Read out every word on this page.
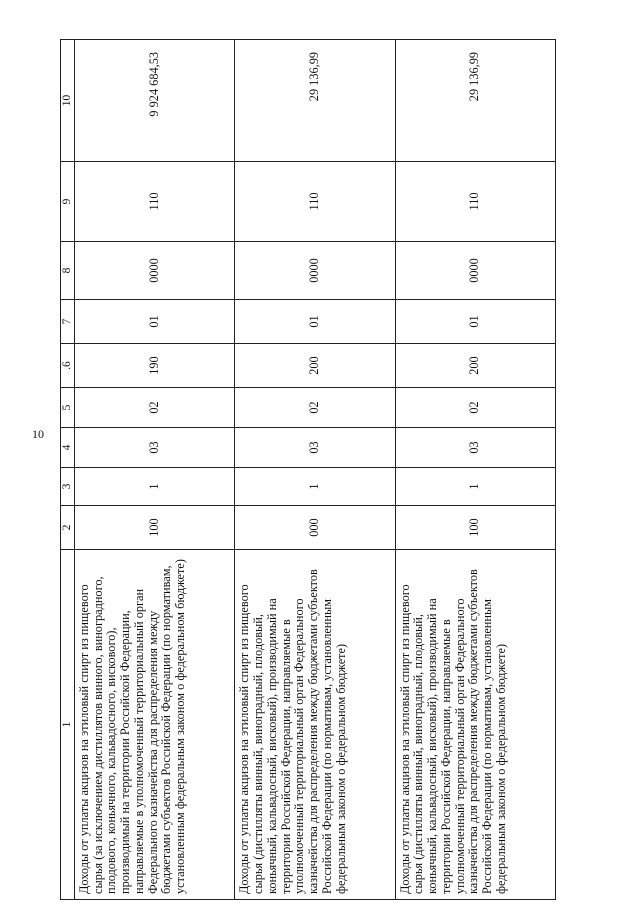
10
1	2	3	4	5	.6	7	8	9	10
Доходы от уплаты акцизов на этиловый спирт из пищевого сырья (за исключением дистиллятов винного, виноградного, плодового, коньячного, кальвадосного, вискового), производимый на территории Российской Федерации, направляемые в уполномоченный территориальный орган Федерального казначейства для распределения между бюджетами субъектов Российской Федерации (по нормативам, установленным федеральным законом о федеральном бюджете)	100	1	03	02	190	01	0000	110	9 924 684,53
Доходы от уплаты акцизов на этиловый спирт из пищевого сырья (дистилляты винный, виноградный, плодовый, коньячный, кальвадосный, висковый), производимый на территории Российской Федерации, направляемые в уполномоченный территориальный орган Федерального казначейства для распределения между бюджетами субъектов Российской Федерации (по нормативам, установленным федеральным законом о федеральном бюджете)	000	1	03	02	200	01	0000	110	29 136,99
Доходы от уплаты акцизов на этиловый спирт из пищевого сырья (дистилляты винный, виноградный, плодовый, коньячный, кальвадосный, висковый), производимый на территории Российской Федерации, направляемые в уполномоченный территориальный орган Федерального казначейства для распределения между бюджетами субъектов Российской Федерации (по нормативам, установленным федеральным законом о федеральном бюджете)	100	1	03	02	200	01	0000	110	29 136,99
